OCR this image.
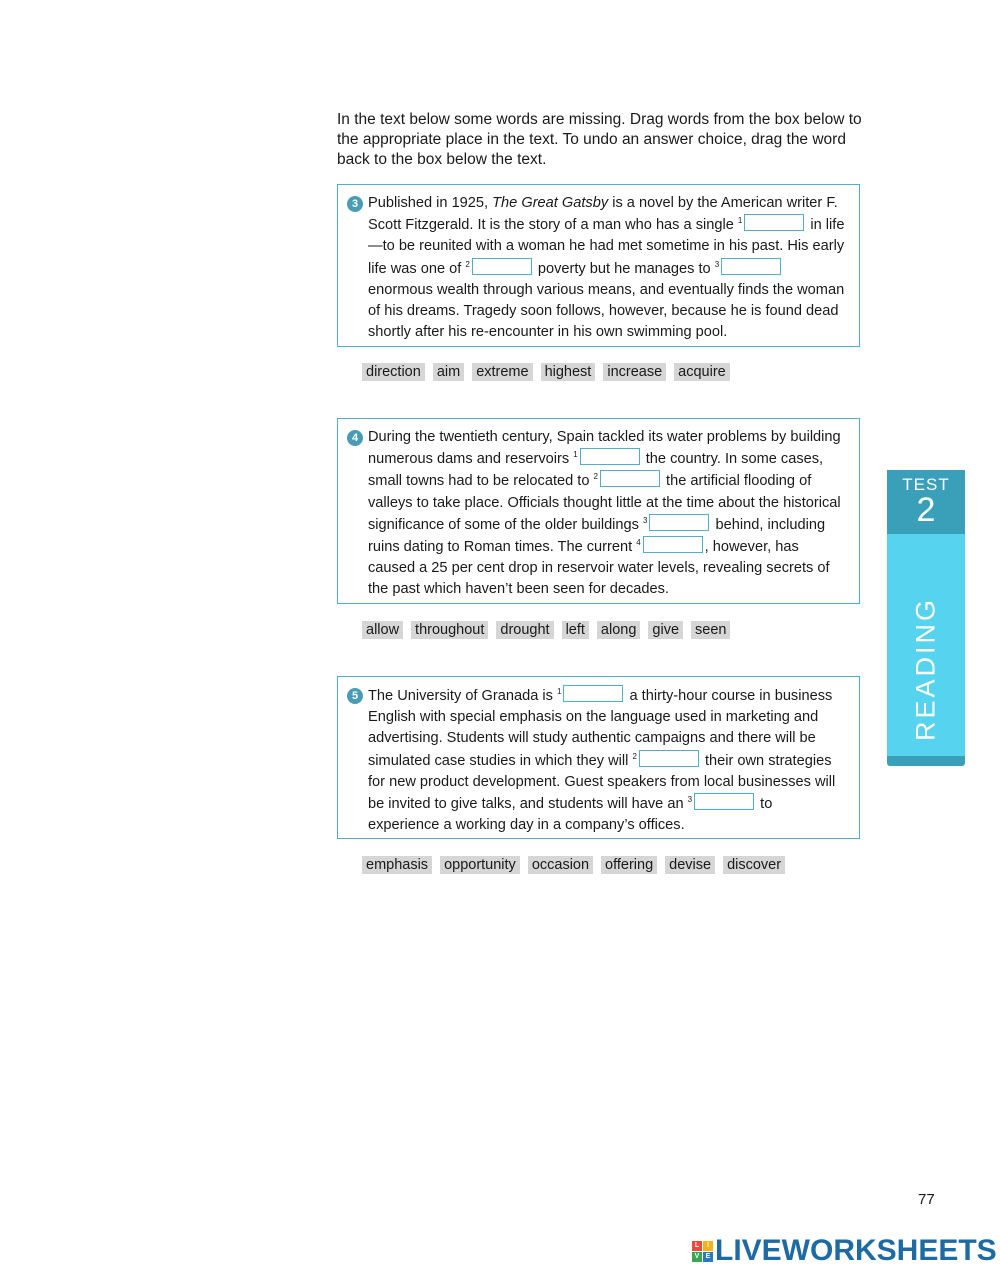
In the text below some words are missing. Drag words from the box below to the appropriate place in the text. To undo an answer choice, drag the word back to the box below the text.
3 Published in 1925, The Great Gatsby is a novel by the American writer F. Scott Fitzgerald. It is the story of a man who has a single $^1$	in life—to be reunited with a woman he had met sometime in his past. His early life was one of $^2$	poverty but he manages to $^3$ enormous wealth through various means, and eventually finds the woman of his dreams. Tragedy soon follows, however, because he is found dead shortly after his re-encounter in his own swimming pool.
direction aim extreme highest increase acquire
4 During the twentieth century, Spain tackled its water problems by building numerous dams and reservoirs $^1$	the country. In some cases, small towns had to be relocated to $^2$	the artificial flooding of valleys to take place. Officials thought little at the time about the historical significance of some of the older buildings $^3$	behind, including ruins dating to Roman times. The current $^4$	, however, has caused a 25 per cent drop in reservoir water levels, revealing secrets of the past which haven’t been seen for decades.
allow throughout drought left along give seen
5 The University of Granada is $^1$	a thirty-hour course in business English with special emphasis on the language used in marketing and advertising. Students will study authentic campaigns and there will be simulated case studies in which they will $^2$	their own strategies for new product development. Guest speakers from local businesses will be invited to give talks, and students will have an $^3$	to experience a working day in a company’s offices.
emphasis opportunity occasion offering devise discover
TEST
2
READING
77
L	I
V E LIVEWORKSHEETS
